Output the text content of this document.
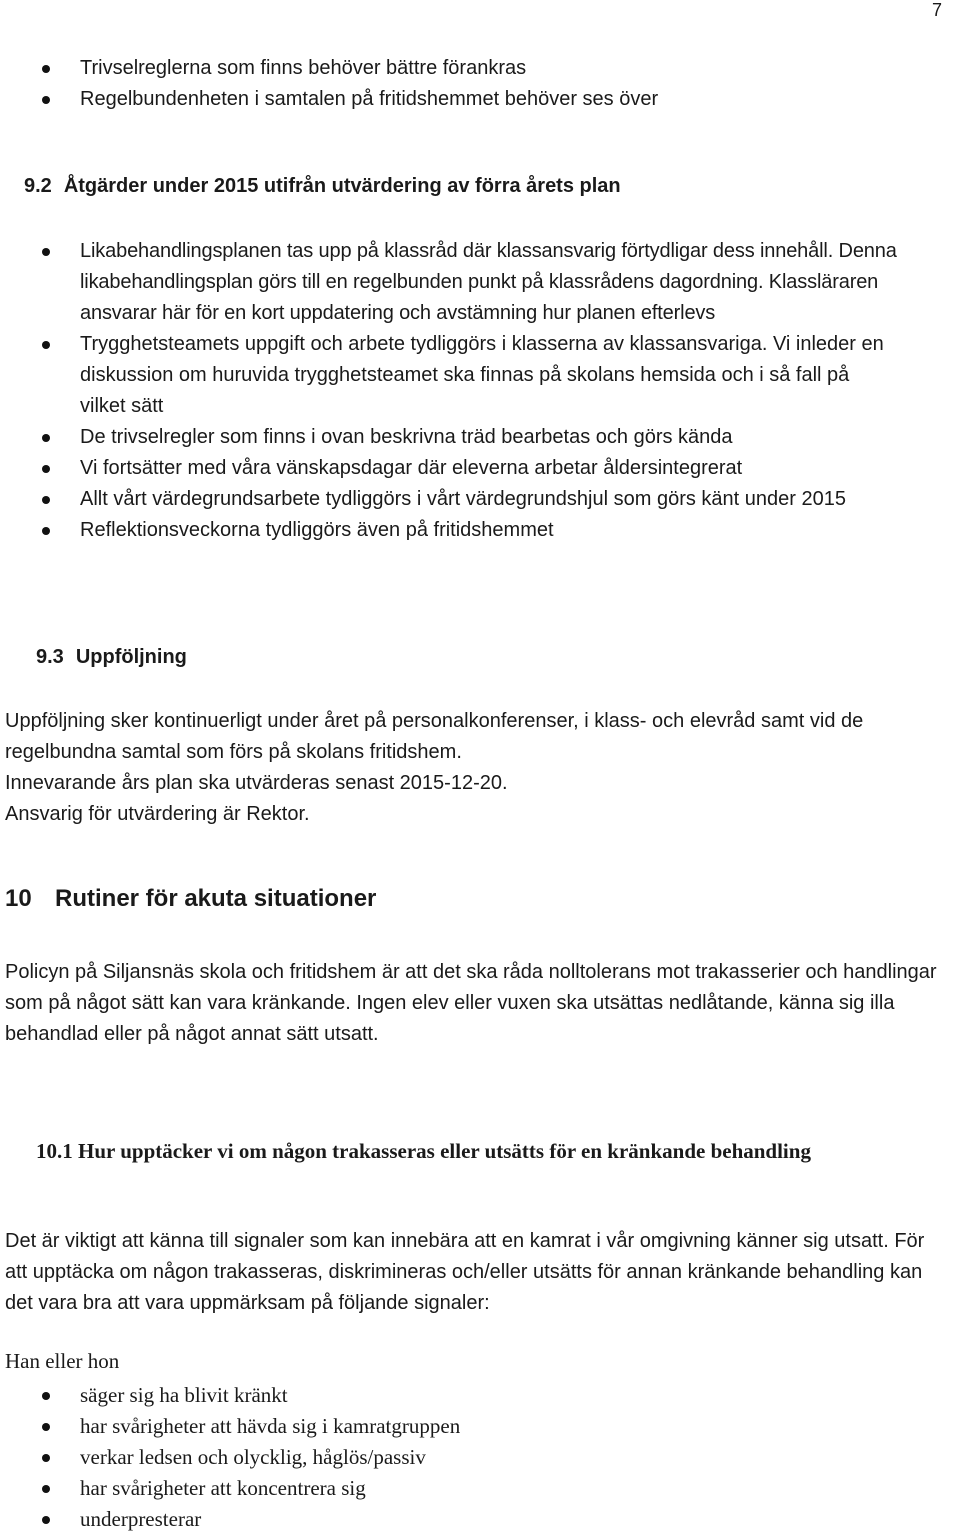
7
Trivselreglerna som finns behöver bättre förankras
Regelbundenheten i samtalen på fritidshemmet behöver ses över
9.2 Åtgärder under 2015 utifrån utvärdering av förra årets plan
Likabehandlingsplanen tas upp på klassråd där klassansvarig förtydligar dess innehåll. Denna likabehandlingsplan görs till en regelbunden punkt på klassrådens dagordning. Klassläraren ansvarar här för en kort uppdatering och avstämning hur planen efterlevs
Trygghetsteamets uppgift och arbete tydliggörs i klasserna av klassansvariga. Vi inleder en diskussion om huruvida trygghetsteamet ska finnas på skolans hemsida och i så fall på vilket sätt
De trivselregler som finns i ovan beskrivna träd bearbetas och görs kända
Vi fortsätter med våra vänskapsdagar där eleverna arbetar åldersintegrerat
Allt vårt värdegrundsarbete tydliggörs i vårt värdegrundshjul som görs känt under 2015
Reflektionsveckorna tydliggörs även på fritidshemmet
9.3 Uppföljning
Uppföljning sker kontinuerligt under året på personalkonferenser, i klass- och elevråd samt vid de regelbundna samtal som förs på skolans fritidshem.
Innevarande års plan ska utvärderas senast 2015-12-20.
Ansvarig för utvärdering är Rektor.
10 Rutiner för akuta situationer

Policyn på Siljansnäs skola och fritidshem är att det ska råda nolltolerans mot trakasserier och handlingar som på något sätt kan vara kränkande. Ingen elev eller vuxen ska utsättas nedlåtande, känna sig illa behandlad eller på något annat sätt utsatt.

10.1 Hur upptäcker vi om någon trakasseras eller utsätts för en kränkande behandling

Det är viktigt att känna till signaler som kan innebära att en kamrat i vår omgivning känner sig utsatt. För att upptäcka om någon trakasseras, diskrimineras och/eller utsätts för annan kränkande behandling kan det vara bra att vara uppmärksam på följande signaler:

Han eller hon
säger sig ha blivit kränkt
har svårigheter att hävda sig i kamratgruppen
verkar ledsen och olycklig, håglös/passiv
har svårigheter att koncentrera sig
underpresterar
